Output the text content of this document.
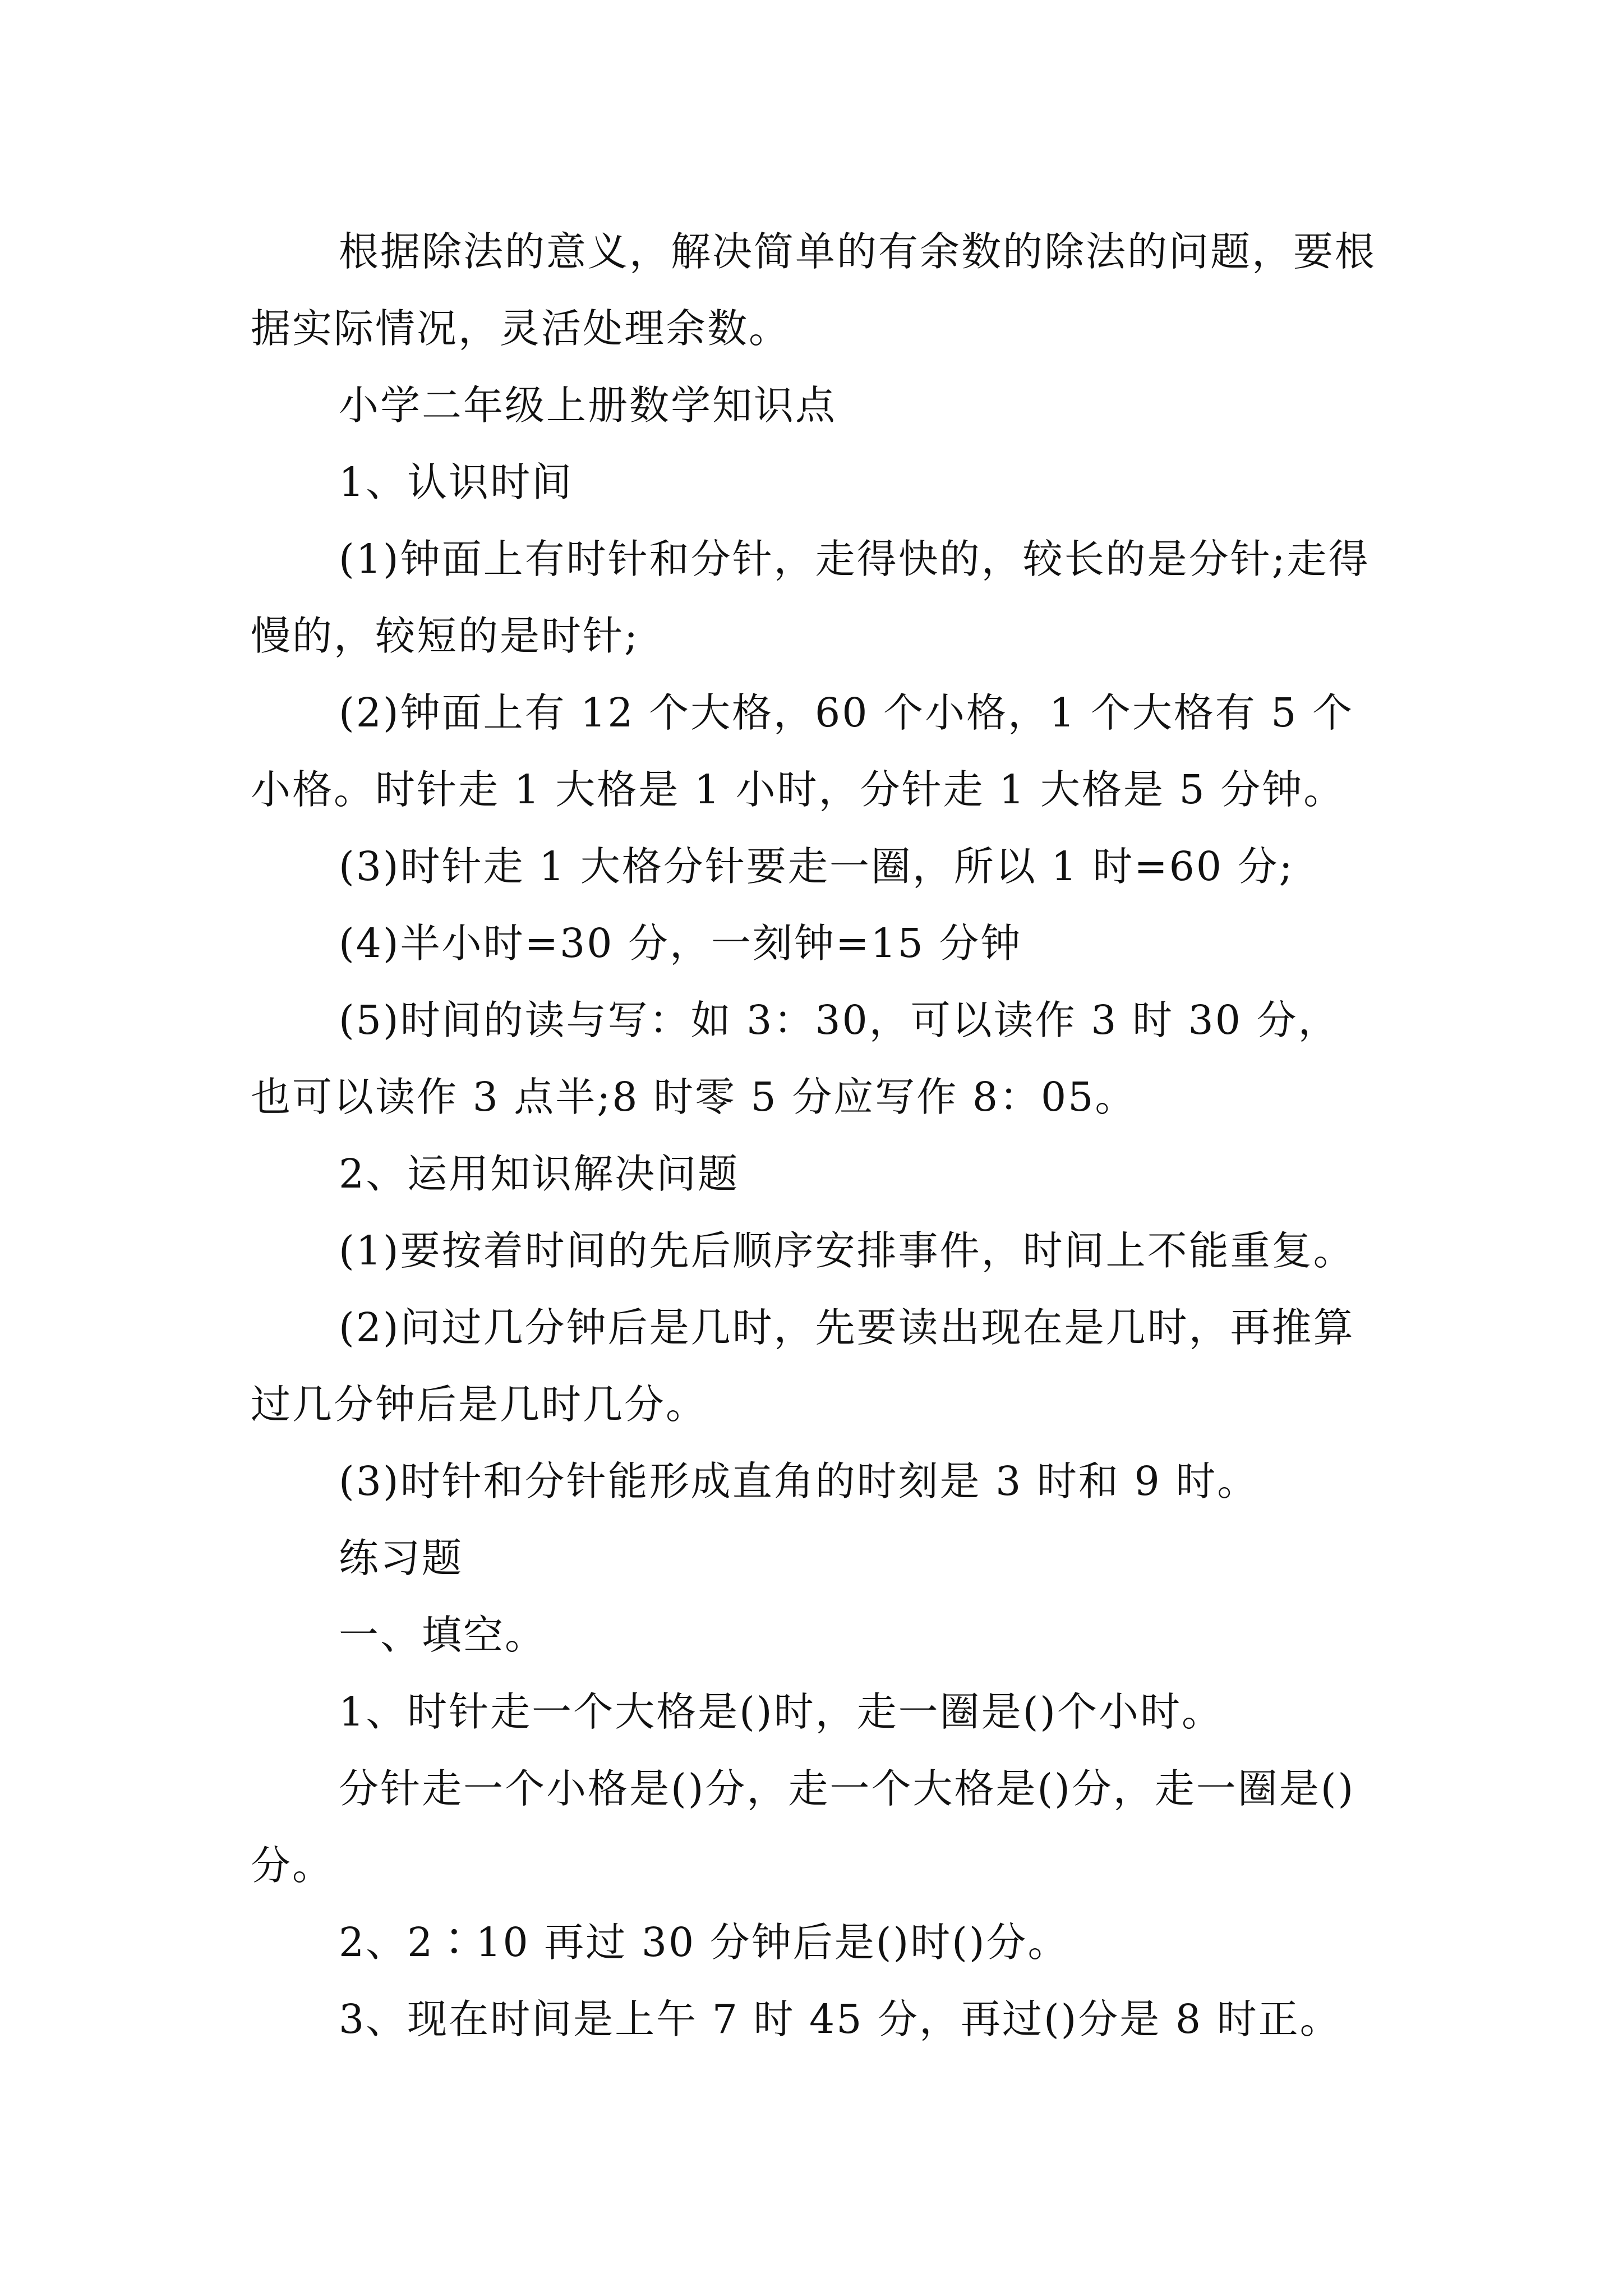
根据除法的意义，解决简单的有余数的除法的问题，要根据实际情况，灵活处理余数。

小学二年级上册数学知识点

1、认识时间

(1)钟面上有时针和分针，走得快的，较长的是分针;走得慢的，较短的是时针;

(2)钟面上有 12 个大格，60 个小格，1 个大格有 5 个小格。时针走 1 大格是 1 小时，分针走 1 大格是 5 分钟。

(3)时针走 1 大格分针要走一圈，所以 1 时=60 分;

(4)半小时=30 分，一刻钟=15 分钟

(5)时间的读与写：如 3：30，可以读作 3 时 30 分，也可以读作 3 点半;8 时零 5 分应写作 8：05。

2、运用知识解决问题

(1)要按着时间的先后顺序安排事件，时间上不能重复。

(2)问过几分钟后是几时，先要读出现在是几时，再推算过几分钟后是几时几分。

(3)时针和分针能形成直角的时刻是 3 时和 9 时。

练习题

一、填空。

1、时针走一个大格是()时，走一圈是()个小时。

分针走一个小格是()分，走一个大格是()分，走一圈是()分。

2、2∶10 再过 30 分钟后是()时()分。

3、现在时间是上午 7 时 45 分，再过()分是 8 时正。
